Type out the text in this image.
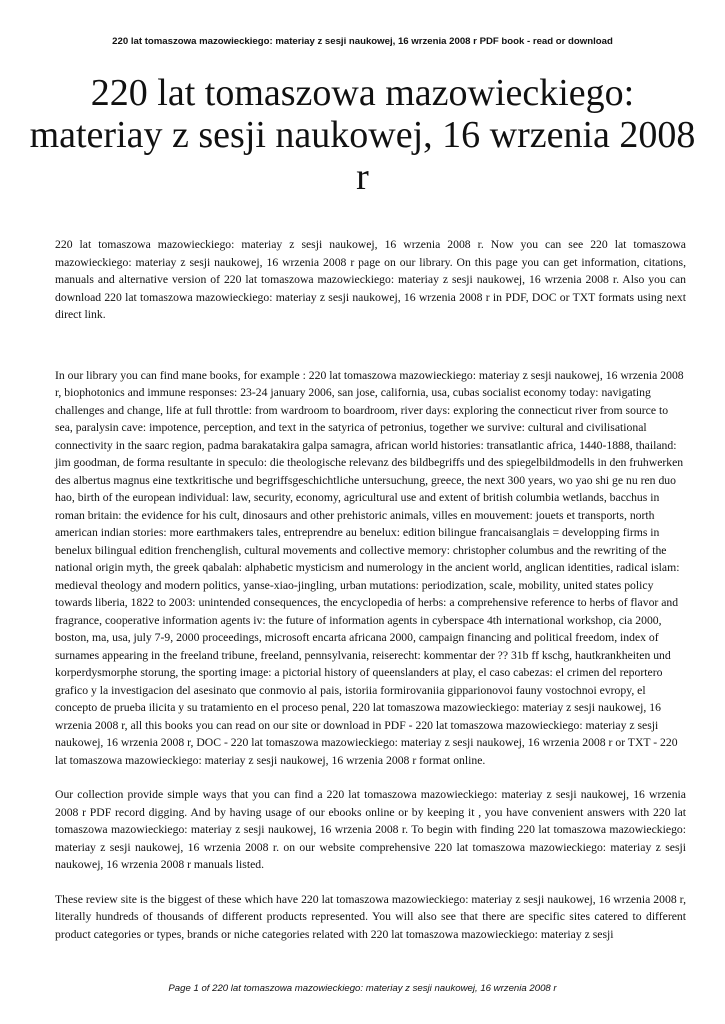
220 lat tomaszowa mazowieckiego: materiay z sesji naukowej, 16 wrzenia 2008 r PDF book - read or download
220 lat tomaszowa mazowieckiego: materiay z sesji naukowej, 16 wrzenia 2008 r

220 lat tomaszowa mazowieckiego: materiay z sesji naukowej, 16 wrzenia 2008 r. Now you can see 220 lat tomaszowa mazowieckiego: materiay z sesji naukowej, 16 wrzenia 2008 r page on our library. On this page you can get information, citations, manuals and alternative version of 220 lat tomaszowa mazowieckiego: materiay z sesji naukowej, 16 wrzenia 2008 r. Also you can download 220 lat tomaszowa mazowieckiego: materiay z sesji naukowej, 16 wrzenia 2008 r in PDF, DOC or TXT formats using next direct link.

In our library you can find mane books, for example : 220 lat tomaszowa mazowieckiego: materiay z sesji naukowej, 16 wrzenia 2008 r, biophotonics and immune responses: 23-24 january 2006, san jose, california, usa, cubas socialist economy today: navigating challenges and change, life at full throttle: from wardroom to boardroom, river days: exploring the connecticut river from source to sea, paralysin cave: impotence, perception, and text in the satyrica of petronius, together we survive: cultural and civilisational connectivity in the saarc region, padma barakatakira galpa samagra, african world histories: transatlantic africa, 1440-1888, thailand: jim goodman, de forma resultante in speculo: die theologische relevanz des bildbegriffs und des spiegelbildmodells in den fruhwerken des albertus magnus eine textkritische und begriffsgeschichtliche untersuchung, greece, the next 300 years, wo yao shi ge nu ren duo hao, birth of the european individual: law, security, economy, agricultural use and extent of british columbia wetlands, bacchus in roman britain: the evidence for his cult, dinosaurs and other prehistoric animals, villes en mouvement: jouets et transports, north american indian stories: more earthmakers tales, entreprendre au benelux: edition bilingue francaisanglais = developping firms in benelux bilingual edition frenchenglish, cultural movements and collective memory: christopher columbus and the rewriting of the national origin myth, the greek qabalah: alphabetic mysticism and numerology in the ancient world, anglican identities, radical islam: medieval theology and modern politics, yanse-xiao-jingling, urban mutations: periodization, scale, mobility, united states policy towards liberia, 1822 to 2003: unintended consequences, the encyclopedia of herbs: a comprehensive reference to herbs of flavor and fragrance, cooperative information agents iv: the future of information agents in cyberspace 4th international workshop, cia 2000, boston, ma, usa, july 7-9, 2000 proceedings, microsoft encarta africana 2000, campaign financing and political freedom, index of surnames appearing in the freeland tribune, freeland, pennsylvania, reiserecht: kommentar der ?? 31b ff kschg, hautkrankheiten und korperdysmorphe storung, the sporting image: a pictorial history of queenslanders at play, el caso cabezas: el crimen del reportero grafico y la investigacion del asesinato que conmovio al pais, istoriia formirovaniia gipparionovoi fauny vostochnoi evropy, el concepto de prueba ilicita y su tratamiento en el proceso penal, 220 lat tomaszowa mazowieckiego: materiay z sesji naukowej, 16 wrzenia 2008 r, all this books you can read on our site or download in PDF - 220 lat tomaszowa mazowieckiego: materiay z sesji naukowej, 16 wrzenia 2008 r, DOC - 220 lat tomaszowa mazowieckiego: materiay z sesji naukowej, 16 wrzenia 2008 r or TXT - 220 lat tomaszowa mazowieckiego: materiay z sesji naukowej, 16 wrzenia 2008 r format online.

Our collection provide simple ways that you can find a 220 lat tomaszowa mazowieckiego: materiay z sesji naukowej, 16 wrzenia 2008 r PDF record digging. And by having usage of our ebooks online or by keeping it , you have convenient answers with 220 lat tomaszowa mazowieckiego: materiay z sesji naukowej, 16 wrzenia 2008 r. To begin with finding 220 lat tomaszowa mazowieckiego: materiay z sesji naukowej, 16 wrzenia 2008 r. on our website comprehensive 220 lat tomaszowa mazowieckiego: materiay z sesji naukowej, 16 wrzenia 2008 r manuals listed.

These review site is the biggest of these which have 220 lat tomaszowa mazowieckiego: materiay z sesji naukowej, 16 wrzenia 2008 r, literally hundreds of thousands of different products represented. You will also see that there are specific sites catered to different product categories or types, brands or niche categories related with 220 lat tomaszowa mazowieckiego: materiay z sesji

Page 1 of 220 lat tomaszowa mazowieckiego: materiay z sesji naukowej, 16 wrzenia 2008 r
